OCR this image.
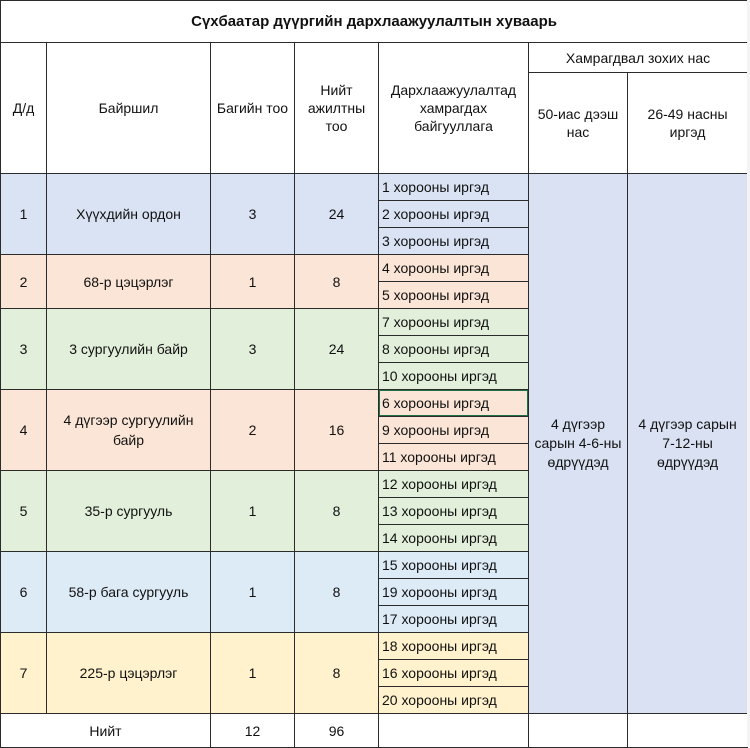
Сүхбаатар дүүргийн дархлаажуулалтын хуваарь						
Д/д	Байршил	Багийн тоо	Нийт ажилтны тоо	Дархлаажуулалтад хамрагдах байгууллага	Хамрагдвал зохих нас	
					50-иас дээш нас	26-49 насны иргэд
1	Хүүхдийн ордон	3	24	1 хорооны иргэд	4 дүгээр сарын 4-6-ны өдрүүдэд	4 дүгээр сарын 7-12-ны өдрүүдэд
				2 хорооны иргэд		
				3 хорооны иргэд		
2	68-р цэцэрлэг	1	8	4 хорооны иргэд		
				5 хорооны иргэд		
3	3 сургуулийн байр	3	24	7 хорооны иргэд		
				8 хорооны иргэд		
				10 хорооны иргэд		
4	4 дүгээр сургуулийн байр	2	16	6 хорооны иргэд		
				9 хорооны иргэд		
				11 хорооны иргэд		
5	35-р сургууль	1	8	12 хорооны иргэд		
				13 хорооны иргэд		
				14 хорооны иргэд		
6	58-р бага сургууль	1	8	15 хорооны иргэд		
				19 хорооны иргэд		
				17 хорооны иргэд		
7	225-р цэцэрлэг	1	8	18 хорооны иргэд		
				16 хорооны иргэд		
				20 хорооны иргэд		
Нийт		12	96			
